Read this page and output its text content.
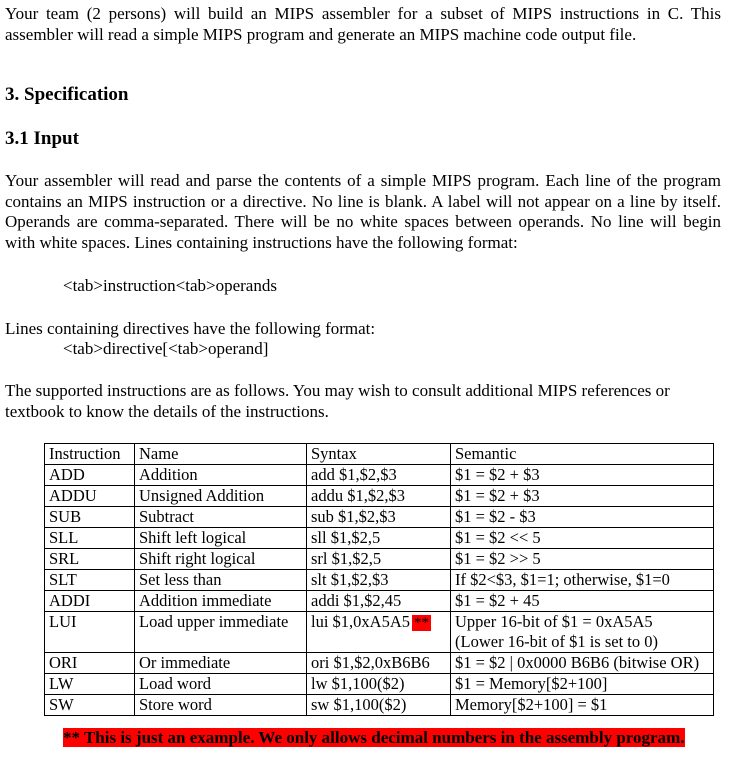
Your team (2 persons) will build an MIPS assembler for a subset of MIPS instructions in C. This assembler will read a simple MIPS program and generate an MIPS machine code output file.

3. Specification
3.1 Input

Your assembler will read and parse the contents of a simple MIPS program. Each line of the program contains an MIPS instruction or a directive. No line is blank. A label will not appear on a line by itself. Operands are comma-separated. There will be no white spaces between operands. No line will begin with white spaces. Lines containing instructions have the following format:

<tab>instruction<tab>operands

Lines containing directives have the following format:

<tab>directive[<tab>operand]

The supported instructions are as follows. You may wish to consult additional MIPS references or textbook to know the details of the instructions.

Instruction	Name	Syntax	Semantic
ADD	Addition	add $1,$2,$3	$1 = $2 + $3
ADDU	Unsigned Addition	addu $1,$2,$3	$1 = $2 + $3
SUB	Subtract	sub $1,$2,$3	$1 = $2 - $3
SLL	Shift left logical	sll $1,$2,5	$1 = $2 << 5
SRL	Shift right logical	srl $1,$2,5	$1 = $2 >> 5
SLT	Set less than	slt $1,$2,$3	If $2<$3, $1=1; otherwise, $1=0
ADDI	Addition immediate	addi $1,$2,45	$1 = $2 + 45
LUI	Load upper immediate	lui $1,0xA5A5 **	Upper 16-bit of $1 = 0xA5A5
(Lower 16-bit of $1 is set to 0)
ORI	Or immediate	ori $1,$2,0xB6B6	$1 = $2 | 0x0000 B6B6 (bitwise OR)
LW	Load word	lw $1,100($2)	$1 = Memory[$2+100]
SW	Store word	sw $1,100($2)	Memory[$2+100] = $1

** This is just an example. We only allows decimal numbers in the assembly program.
